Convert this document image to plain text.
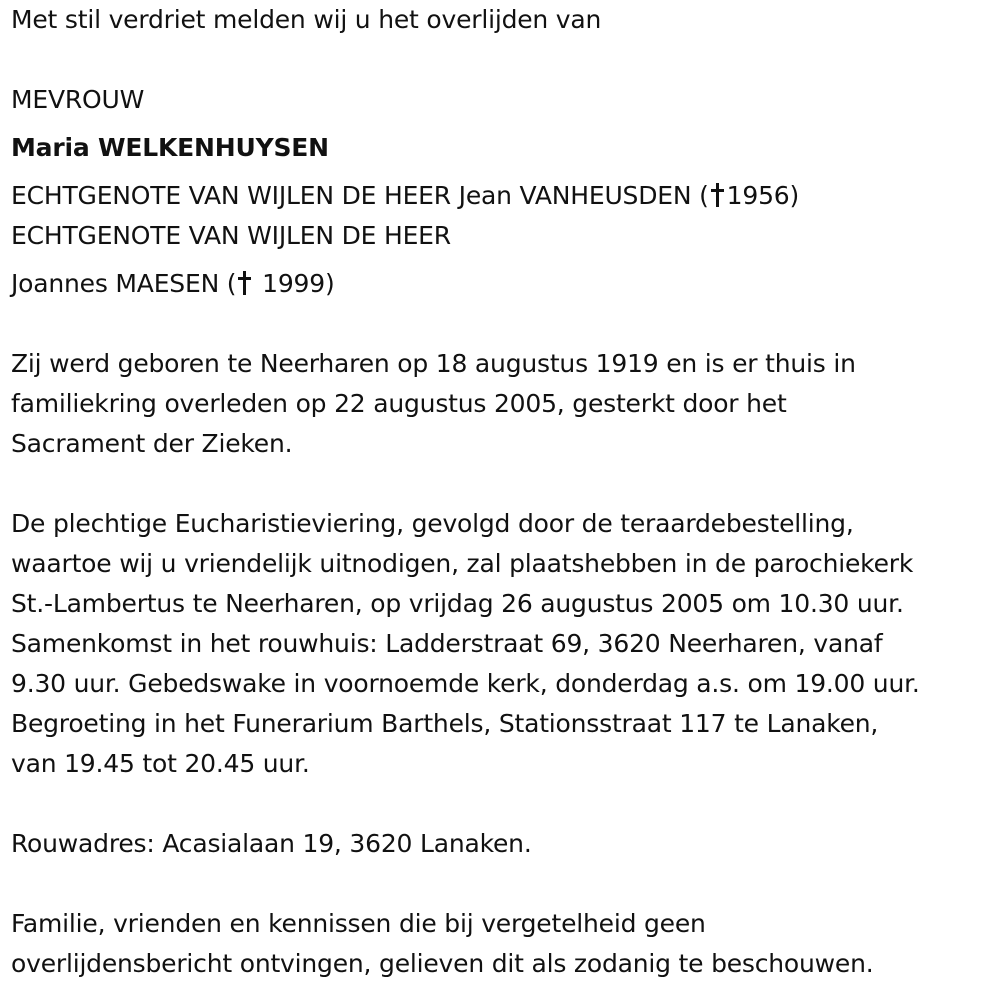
Met stil verdriet melden wij u het overlijden van
MEVROUW
Maria WELKENHUYSEN
ECHTGENOTE VAN WIJLEN DE HEER Jean VANHEUSDEN ( 1956)
ECHTGENOTE VAN WIJLEN DE HEER
Joannes MAESEN ( 1999)
Zij werd geboren te Neerharen op 18 augustus 1919 en is er thuis in
familiekring overleden op 22 augustus 2005, gesterkt door het
Sacrament der Zieken.
De plechtige Eucharistieviering, gevolgd door de teraardebestelling,
waartoe wij u vriendelijk uitnodigen, zal plaatshebben in de parochiekerk
St.-Lambertus te Neerharen, op vrijdag 26 augustus 2005 om 10.30 uur.
Samenkomst in het rouwhuis: Ladderstraat 69, 3620 Neerharen, vanaf
9.30 uur. Gebedswake in voornoemde kerk, donderdag a.s. om 19.00 uur.
Begroeting in het Funerarium Barthels, Stationsstraat 117 te Lanaken,
van 19.45 tot 20.45 uur.
Rouwadres: Acasialaan 19, 3620 Lanaken.
Familie, vrienden en kennissen die bij vergetelheid geen
overlijdensbericht ontvingen, gelieven dit als zodanig te beschouwen.
